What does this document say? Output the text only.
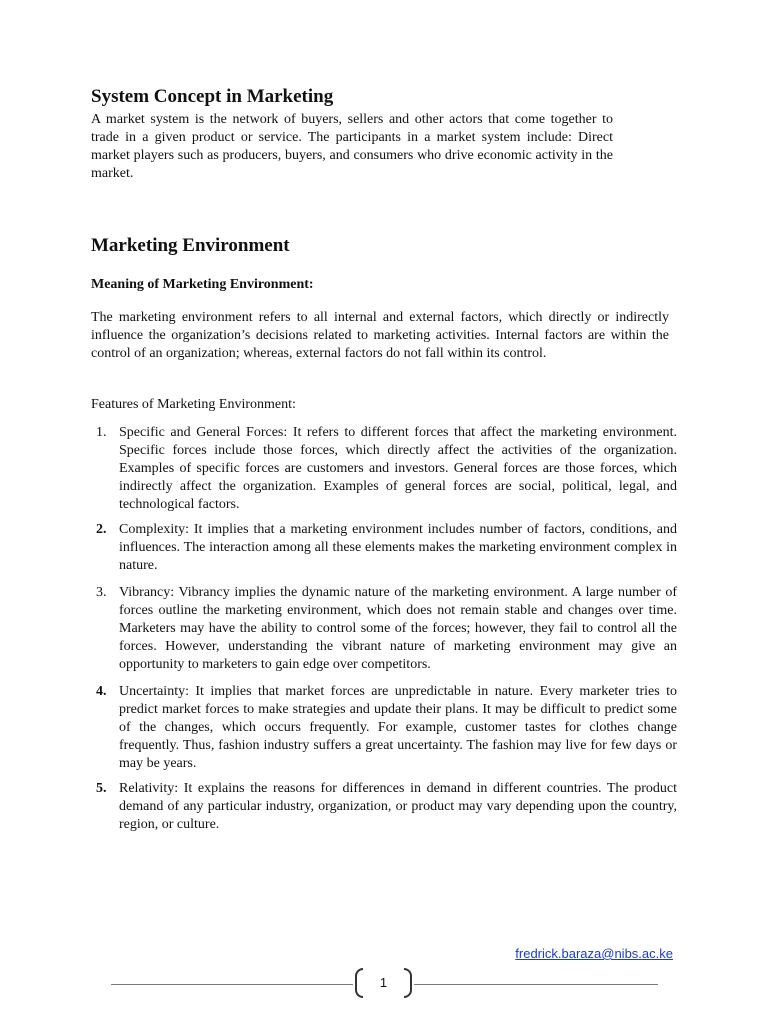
System Concept in Marketing

A market system is the network of buyers, sellers and other actors that come together to trade in a given product or service. The participants in a market system include: Direct market players such as producers, buyers, and consumers who drive economic activity in the market.

Marketing Environment

Meaning of Marketing Environment:

The marketing environment refers to all internal and external factors, which directly or indirectly influence the organization’s decisions related to marketing activities. Internal factors are within the control of an organization; whereas, external factors do not fall within its control.

Features of Marketing Environment:

1. Specific and General Forces: It refers to different forces that affect the marketing environment. Specific forces include those forces, which directly affect the activities of the organization. Examples of specific forces are customers and investors. General forces are those forces, which indirectly affect the organization. Examples of general forces are social, political, legal, and technological factors.
2. Complexity: It implies that a marketing environment includes number of factors, conditions, and influences. The interaction among all these elements makes the marketing environment complex in nature.
3. Vibrancy: Vibrancy implies the dynamic nature of the marketing environment. A large number of forces outline the marketing environment, which does not remain stable and changes over time. Marketers may have the ability to control some of the forces; however, they fail to control all the forces. However, understanding the vibrant nature of marketing environment may give an opportunity to marketers to gain edge over competitors.
4. Uncertainty: It implies that market forces are unpredictable in nature. Every marketer tries to predict market forces to make strategies and update their plans. It may be difficult to predict some of the changes, which occurs frequently. For example, customer tastes for clothes change frequently. Thus, fashion industry suffers a great uncertainty. The fashion may live for few days or may be years.
5. Relativity: It explains the reasons for differences in demand in different countries. The product demand of any particular industry, organization, or product may vary depending upon the country, region, or culture.
fredrick.baraza@nibs.ac.ke
1
